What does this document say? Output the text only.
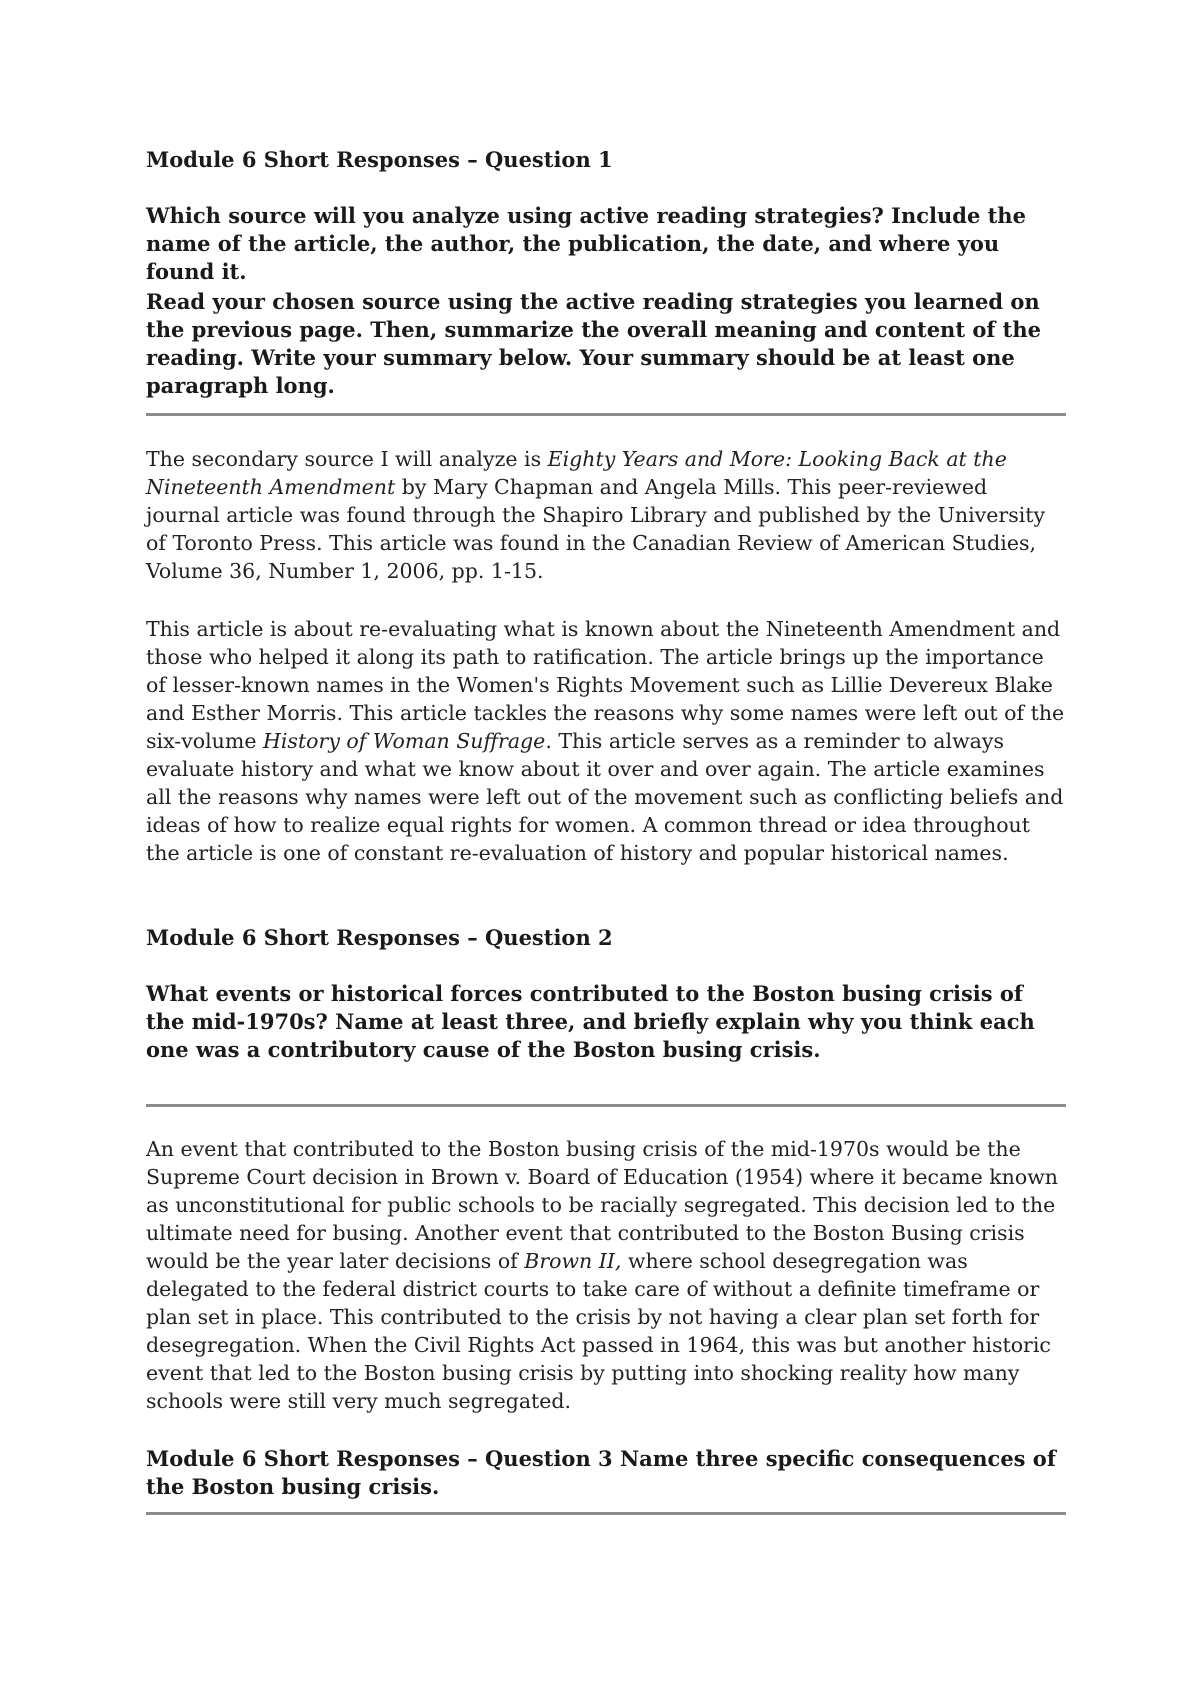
Module 6 Short Responses – Question 1

Which source will you analyze using active reading strategies? Include the name of the article, the author, the publication, the date, and where you found it.

Read your chosen source using the active reading strategies you learned on the previous page. Then, summarize the overall meaning and content of the reading. Write your summary below. Your summary should be at least one paragraph long.

The secondary source I will analyze is Eighty Years and More: Looking Back at the Nineteenth Amendment by Mary Chapman and Angela Mills. This peer-reviewed journal article was found through the Shapiro Library and published by the University of Toronto Press. This article was found in the Canadian Review of American Studies, Volume 36, Number 1, 2006, pp. 1-15.

This article is about re-evaluating what is known about the Nineteenth Amendment and those who helped it along its path to ratification. The article brings up the importance of lesser-known names in the Women's Rights Movement such as Lillie Devereux Blake and Esther Morris. This article tackles the reasons why some names were left out of the six-volume History of Woman Suffrage. This article serves as a reminder to always evaluate history and what we know about it over and over again. The article examines all the reasons why names were left out of the movement such as conflicting beliefs and ideas of how to realize equal rights for women. A common thread or idea throughout the article is one of constant re-evaluation of history and popular historical names.

Module 6 Short Responses – Question 2

What events or historical forces contributed to the Boston busing crisis of the mid-1970s? Name at least three, and briefly explain why you think each one was a contributory cause of the Boston busing crisis.

An event that contributed to the Boston busing crisis of the mid-1970s would be the Supreme Court decision in Brown v. Board of Education (1954) where it became known as unconstitutional for public schools to be racially segregated. This decision led to the ultimate need for busing. Another event that contributed to the Boston Busing crisis would be the year later decisions of Brown II, where school desegregation was delegated to the federal district courts to take care of without a definite timeframe or plan set in place. This contributed to the crisis by not having a clear plan set forth for desegregation. When the Civil Rights Act passed in 1964, this was but another historic event that led to the Boston busing crisis by putting into shocking reality how many schools were still very much segregated.

Module 6 Short Responses – Question 3 Name three specific consequences of the Boston busing crisis.
